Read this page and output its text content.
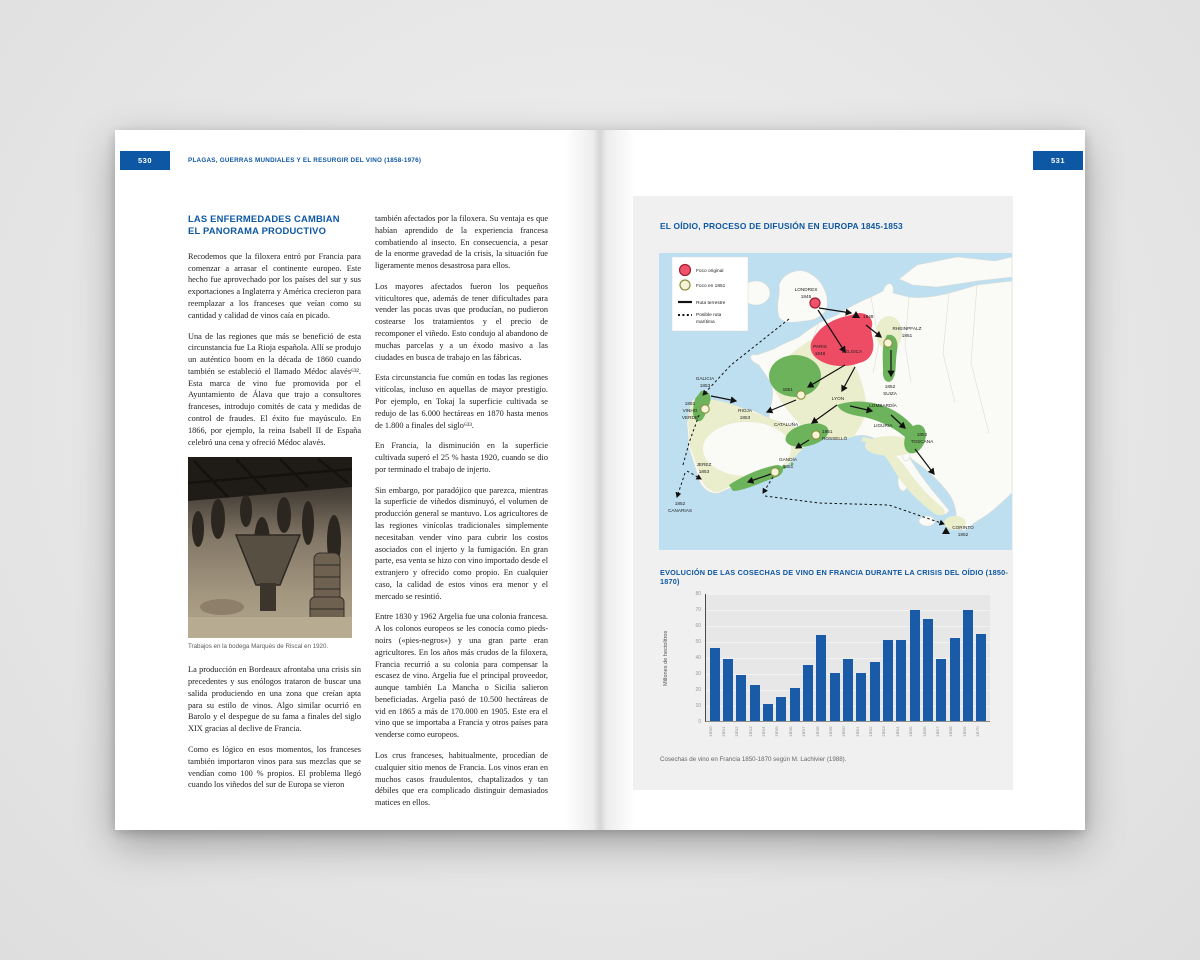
530	PLAGAS, GUERRAS MUNDIALES Y EL RESURGIR DEL VINO (1858-1976)
LAS ENFERMEDADES CAMBIAN
EL PANORAMA PRODUCTIVO

Recodemos que la filoxera entró por Francia para comenzar a arrasar el continente europeo. Este hecho fue aprovechado por los países del sur y sus exportaciones a Inglaterra y América crecieron para reemplazar a los franceses que veían como su cantidad y calidad de vinos caía en picado.

Una de las regiones que más se benefició de esta circunstancia fue La Rioja española. Allí se produjo un auténtico boom en la década de 1860 cuando también se estableció el llamado Médoc alavés⁶³². Esta marca de vino fue promovida por el Ayuntamiento de Álava que trajo a consultores franceses, introdujo comités de cata y medidas de control de fraudes. El éxito fue mayúsculo. En 1866, por ejemplo, la reina Isabell II de España celebró una cena y ofreció Médoc alavés.

Trabajos en la bodega Marqués de Riscal en 1920.

La producción en Bordeaux afrontaba una crisis sin precedentes y sus enólogos trataron de buscar una salida produciendo en una zona que creían apta para su estilo de vinos. Algo similar ocurrió en Barolo y el despegue de su fama a finales del siglo XIX gracias al declive de Francia.

Como es lógico en esos momentos, los franceses también importaron vinos para sus mezclas que se vendían como 100 % propios. El problema llegó cuando los viñedos del sur de Europa se vieron

también afectados por la filoxera. Su ventaja es que habían aprendido de la experiencia francesa combatiendo al insecto. En consecuencia, a pesar de la enorme gravedad de la crisis, la situación fue ligeramente menos desastrosa para ellos.

Los mayores afectados fueron los pequeños viticultores que, además de tener dificultades para vender las pocas uvas que producían, no pudieron costearse los tratamientos y el precio de recomponer el viñedo. Esto condujo al abandono de muchas parcelas y a un éxodo masivo a las ciudades en busca de trabajo en las fábricas.

Esta circunstancia fue común en todas las regiones vitícolas, incluso en aquellas de mayor prestigio. Por ejemplo, en Tokaj la superficie cultivada se redujo de las 6.000 hectáreas en 1870 hasta menos de 1.800 a finales del siglo⁶³³.

En Francia, la disminución en la superficie cultivada superó el 25 % hasta 1920, cuando se dio por terminado el trabajo de injerto.

Sin embargo, por paradójico que parezca, mientras la superficie de viñedos disminuyó, el volumen de producción general se mantuvo. Los agricultores de las regiones vinícolas tradicionales simplemente necesitaban vender vino para cubrir los costos asociados con el injerto y la fumigación. En gran parte, esa venta se hizo con vino importado desde el extranjero y ofrecido como propio. En cualquier caso, la calidad de estos vinos era menor y el mercado se resintió.

Entre 1830 y 1962 Argelia fue una colonia francesa. A los colonos europeos se les conocía como pieds-noirs («pies-negros») y una gran parte eran agricultores. En los años más crudos de la filoxera, Francia recurrió a su colonia para compensar la escasez de vino. Argelia fue el principal proveedor, aunque también La Mancha o Sicilia salieron beneficiadas. Argelia pasó de 10.500 hectáreas de vid en 1865 a más de 170.000 en 1905. Este era el vino que se importaba a Francia y otros países para venderse como europeos.

Los crus franceses, habitualmente, procedían de cualquier sitio menos de Francia. Los vinos eran en muchos casos fraudulentos, chaptalizados y tan débiles que era complicado distinguir demasiados matices en ellos.

531
EL OÍDIO, PROCESO DE DIFUSIÓN EN EUROPA 1845-1853
LONDRES
1845
1848
BÉLGICA
PARIS
1848
RHEINPFALZ
1851
1852
SUIZA
1851
GALICIA
1853
1851
VINHO
VERDE
RIOJA
1853
LYON
LOMBARDÍA
CATALUÑA
1851
ROSSELLÓ
LIGURIA
1852
TOSCANA
GANDÍA
1851
JEREZ
1853
1852
CANARIAS
CORINTO
1852
Foco original
Foco en 1851
Ruta terrestre
Posible ruta
marítima
EVOLUCIÓN DE LAS COSECHAS DE VINO EN FRANCIA DURANTE LA CRISIS DEL OÍDIO (1850-1870)
Millones de hectolitros
0
10
20
30
40
50
60
70
80
1850	1851	1852	1853	1854	1855	1856	1857	1858	1859	1860	1861	1862	1863	1864	1865	1866	1867	1868	1869	1870
Cosechas de vino en Francia 1850-1870 según M. Lachivier (1988).
